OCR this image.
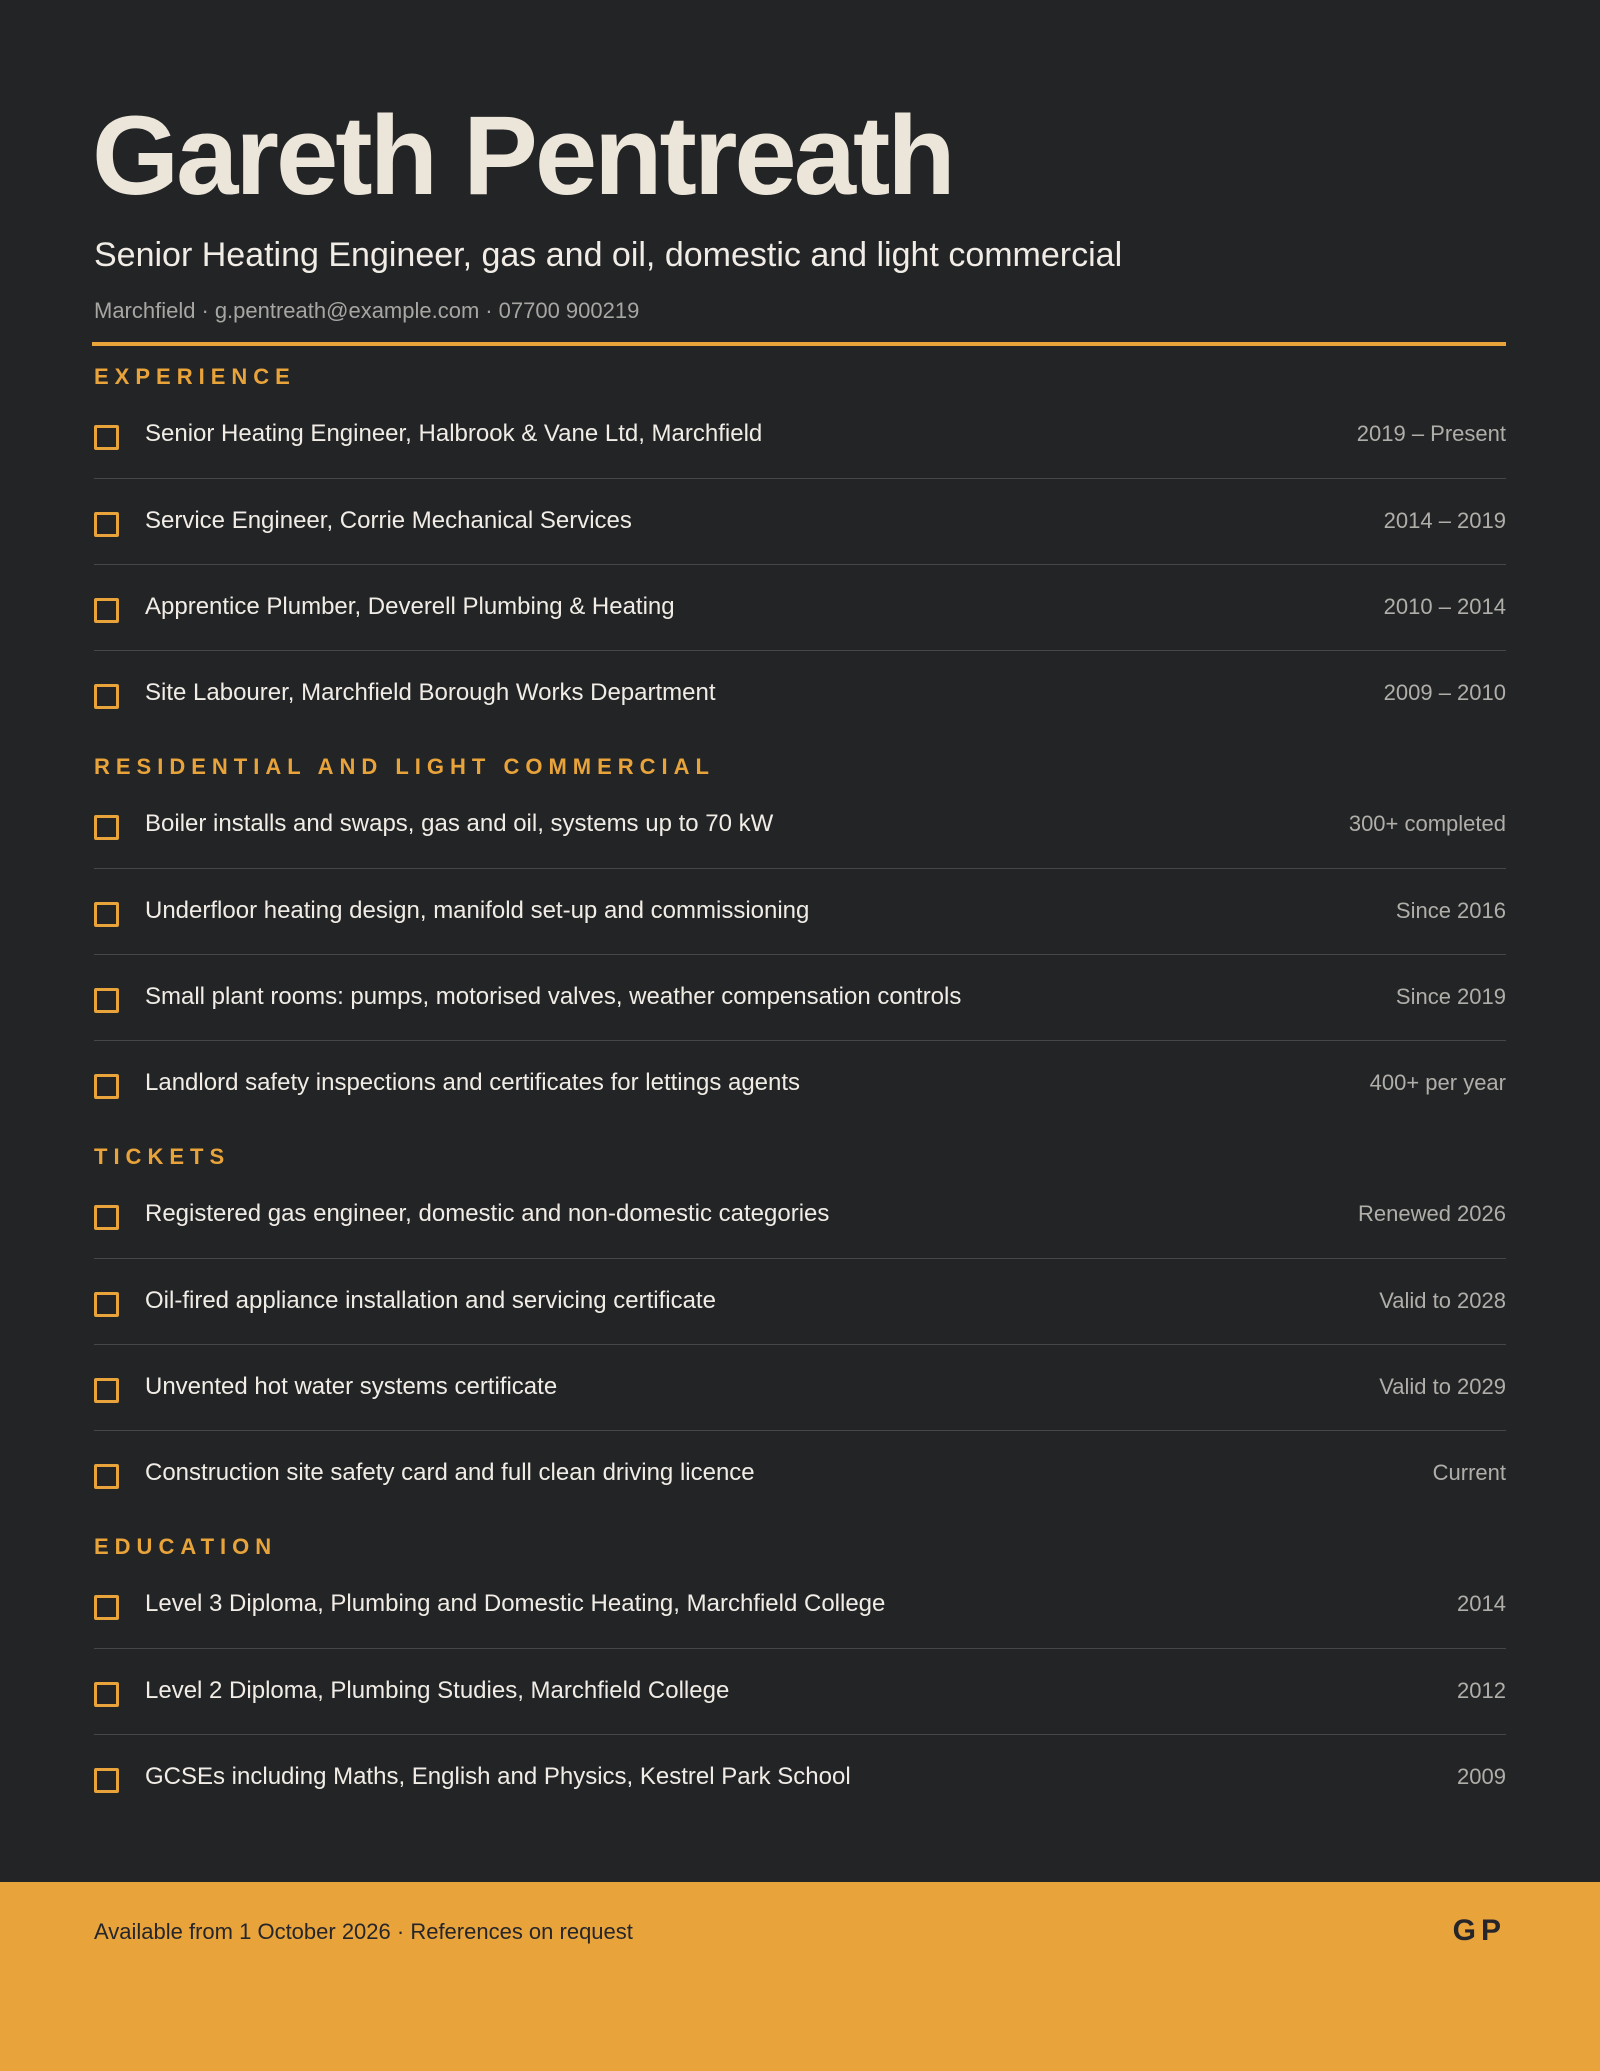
Gareth Pentreath
Senior Heating Engineer, gas and oil, domestic and light commercial
Marchfield · g.pentreath@example.com · 07700 900219
EXPERIENCE
Senior Heating Engineer, Halbrook & Vane Ltd, Marchfield	2019 – Present
Service Engineer, Corrie Mechanical Services	2014 – 2019
Apprentice Plumber, Deverell Plumbing & Heating	2010 – 2014
Site Labourer, Marchfield Borough Works Department	2009 – 2010
RESIDENTIAL AND LIGHT COMMERCIAL
Boiler installs and swaps, gas and oil, systems up to 70 kW	300+ completed
Underfloor heating design, manifold set-up and commissioning	Since 2016
Small plant rooms: pumps, motorised valves, weather compensation controls	Since 2019
Landlord safety inspections and certificates for lettings agents	400+ per year
TICKETS
Registered gas engineer, domestic and non-domestic categories	Renewed 2026
Oil-fired appliance installation and servicing certificate	Valid to 2028
Unvented hot water systems certificate	Valid to 2029
Construction site safety card and full clean driving licence	Current
EDUCATION
Level 3 Diploma, Plumbing and Domestic Heating, Marchfield College	2014
Level 2 Diploma, Plumbing Studies, Marchfield College	2012
GCSEs including Maths, English and Physics, Kestrel Park School	2009
Available from 1 October 2026 · References on request	GP
